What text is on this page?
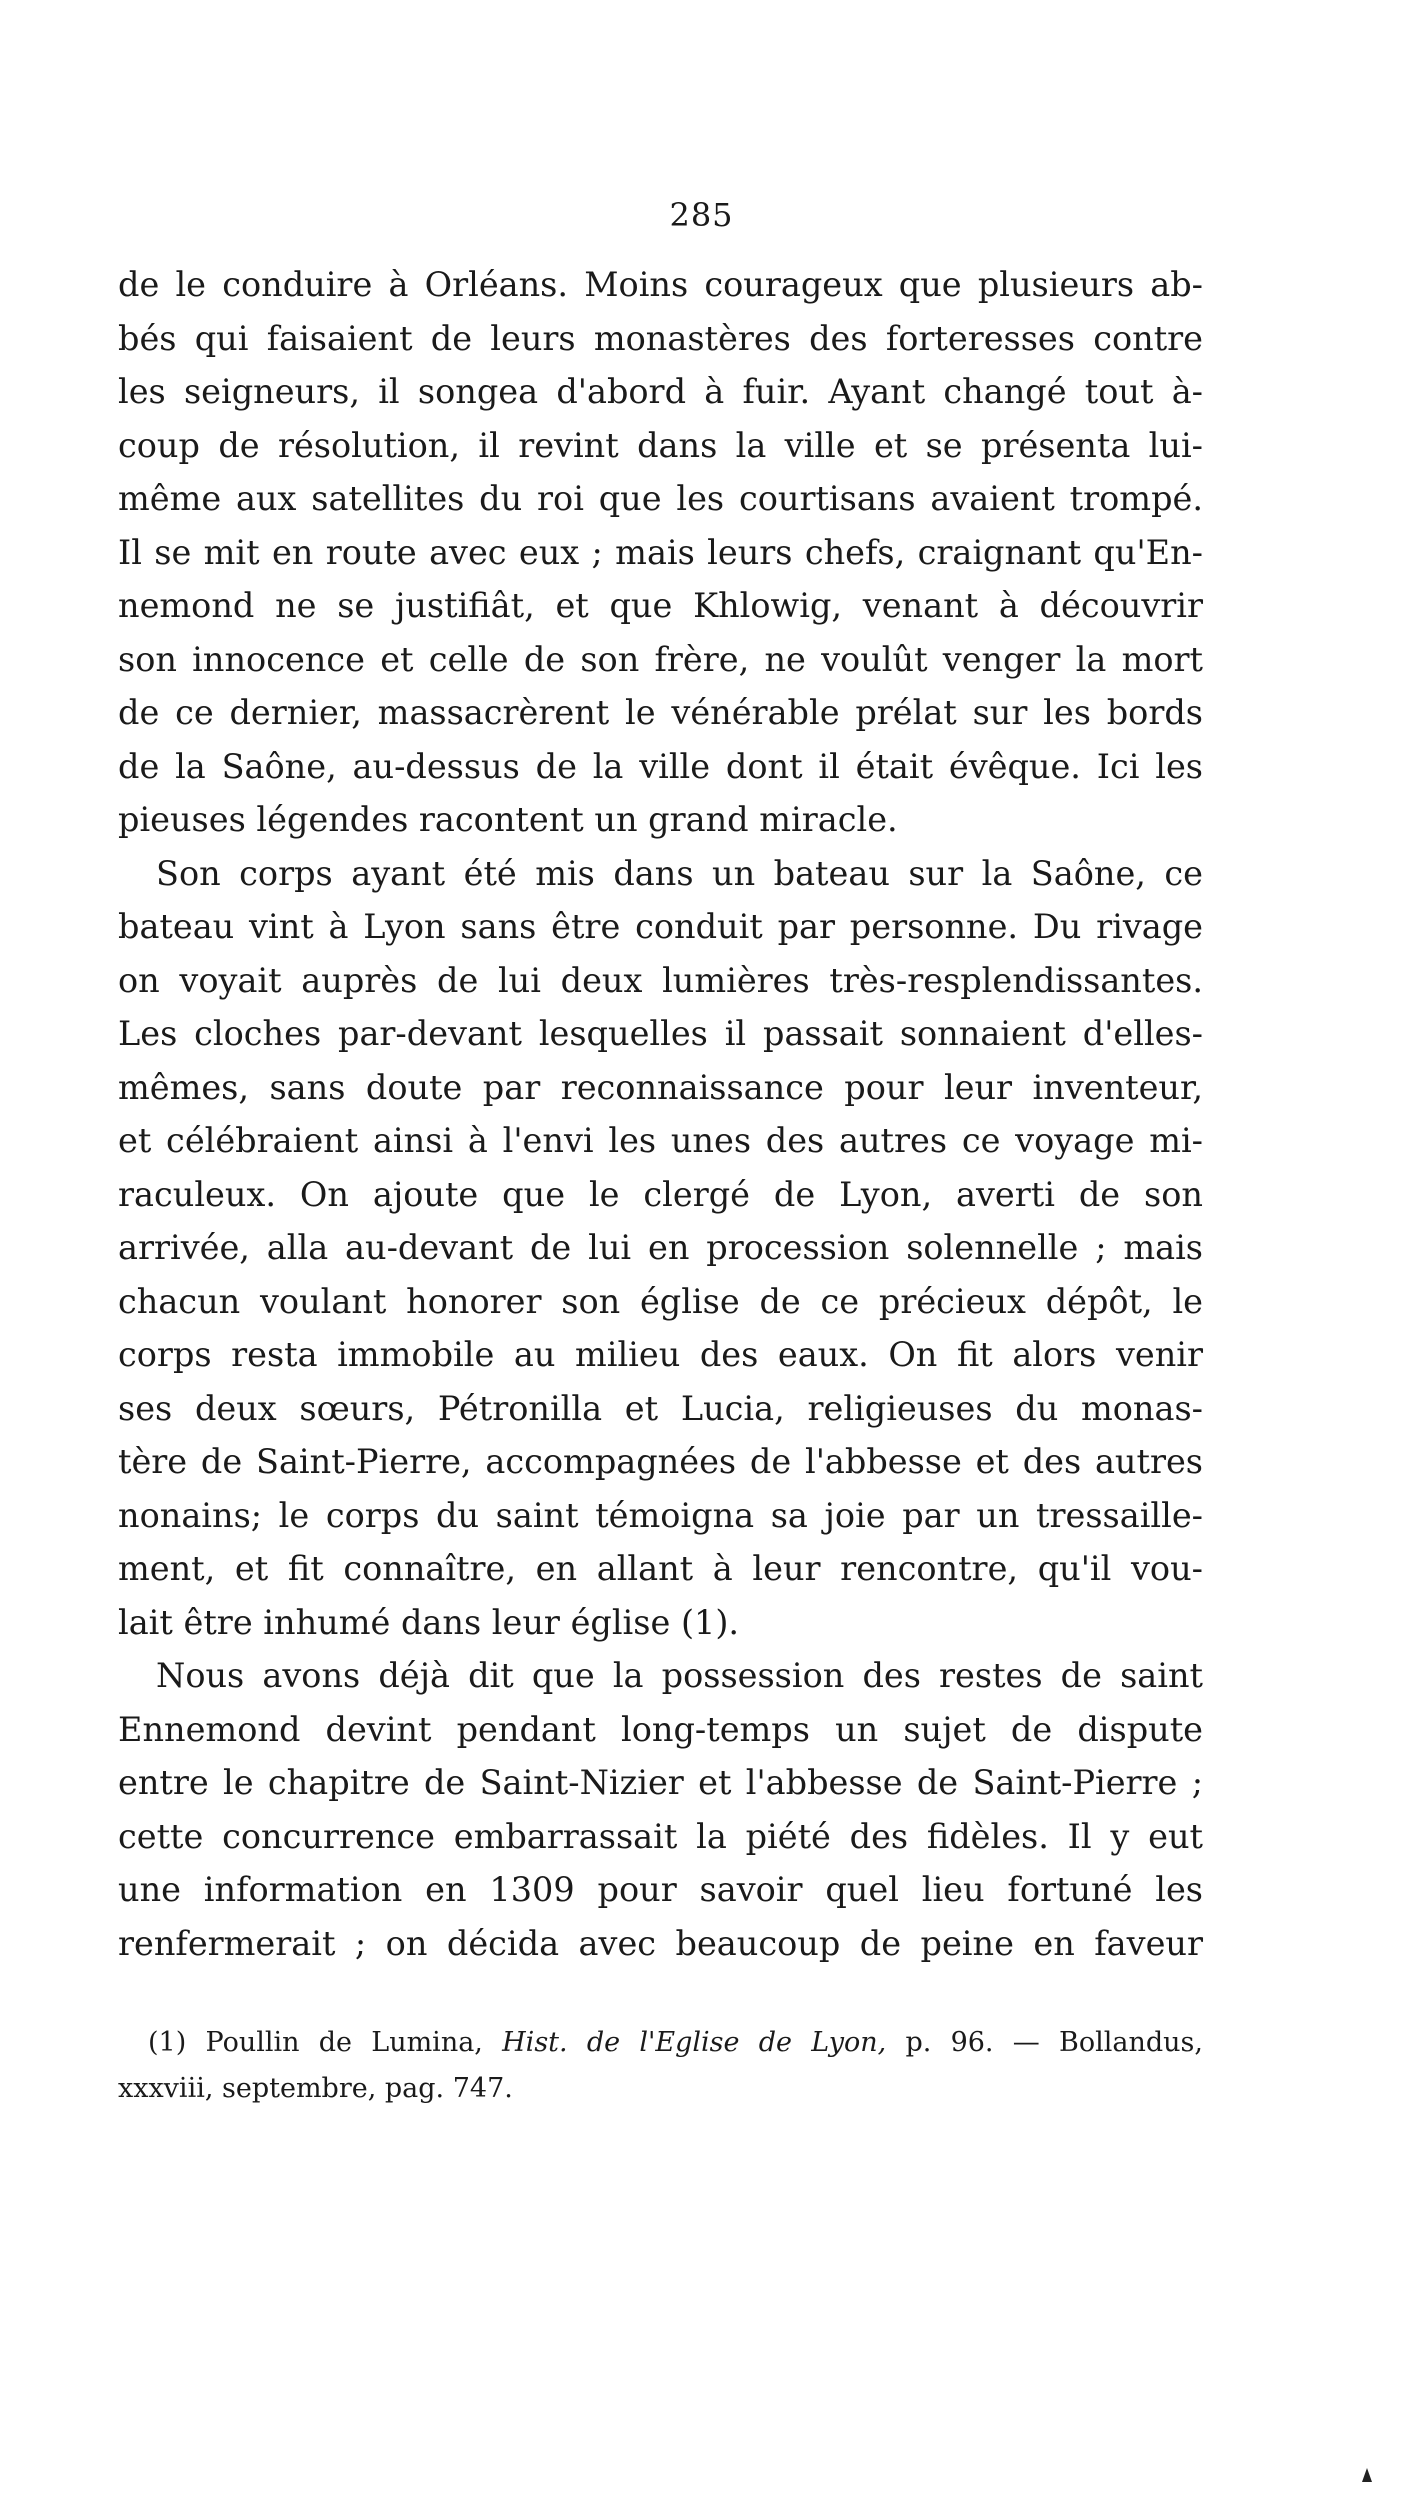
285
de le conduire à Orléans. Moins courageux que plusieurs ab-
bés qui faisaient de leurs monastères des forteresses contre
les seigneurs, il songea d'abord à fuir. Ayant changé tout à-
coup de résolution, il revint dans la ville et se présenta lui-
même aux satellites du roi que les courtisans avaient trompé.
Il se mit en route avec eux ; mais leurs chefs, craignant qu'En-
nemond ne se justifiât, et que Khlowig, venant à découvrir
son innocence et celle de son frère, ne voulût venger la mort
de ce dernier, massacrèrent le vénérable prélat sur les bords
de la Saône, au-dessus de la ville dont il était évêque. Ici les
pieuses légendes racontent un grand miracle.
Son corps ayant été mis dans un bateau sur la Saône, ce
bateau vint à Lyon sans être conduit par personne. Du rivage
on voyait auprès de lui deux lumières très-resplendissantes.
Les cloches par-devant lesquelles il passait sonnaient d'elles-
mêmes, sans doute par reconnaissance pour leur inventeur,
et célébraient ainsi à l'envi les unes des autres ce voyage mi-
raculeux. On ajoute que le clergé de Lyon, averti de son
arrivée, alla au-devant de lui en procession solennelle ; mais
chacun voulant honorer son église de ce précieux dépôt, le
corps resta immobile au milieu des eaux. On fit alors venir
ses deux sœurs, Pétronilla et Lucia, religieuses du monas-
tère de Saint-Pierre, accompagnées de l'abbesse et des autres
nonains; le corps du saint témoigna sa joie par un tressaille-
ment, et fit connaître, en allant à leur rencontre, qu'il vou-
lait être inhumé dans leur église (1).
Nous avons déjà dit que la possession des restes de saint
Ennemond devint pendant long-temps un sujet de dispute
entre le chapitre de Saint-Nizier et l'abbesse de Saint-Pierre ;
cette concurrence embarrassait la piété des fidèles. Il y eut
une information en 1309 pour savoir quel lieu fortuné les
renfermerait ; on décida avec beaucoup de peine en faveur
(1) Poullin de Lumina, Hist. de l'Eglise de Lyon, p. 96. — Bollandus,
xxxviii, septembre, pag. 747.
